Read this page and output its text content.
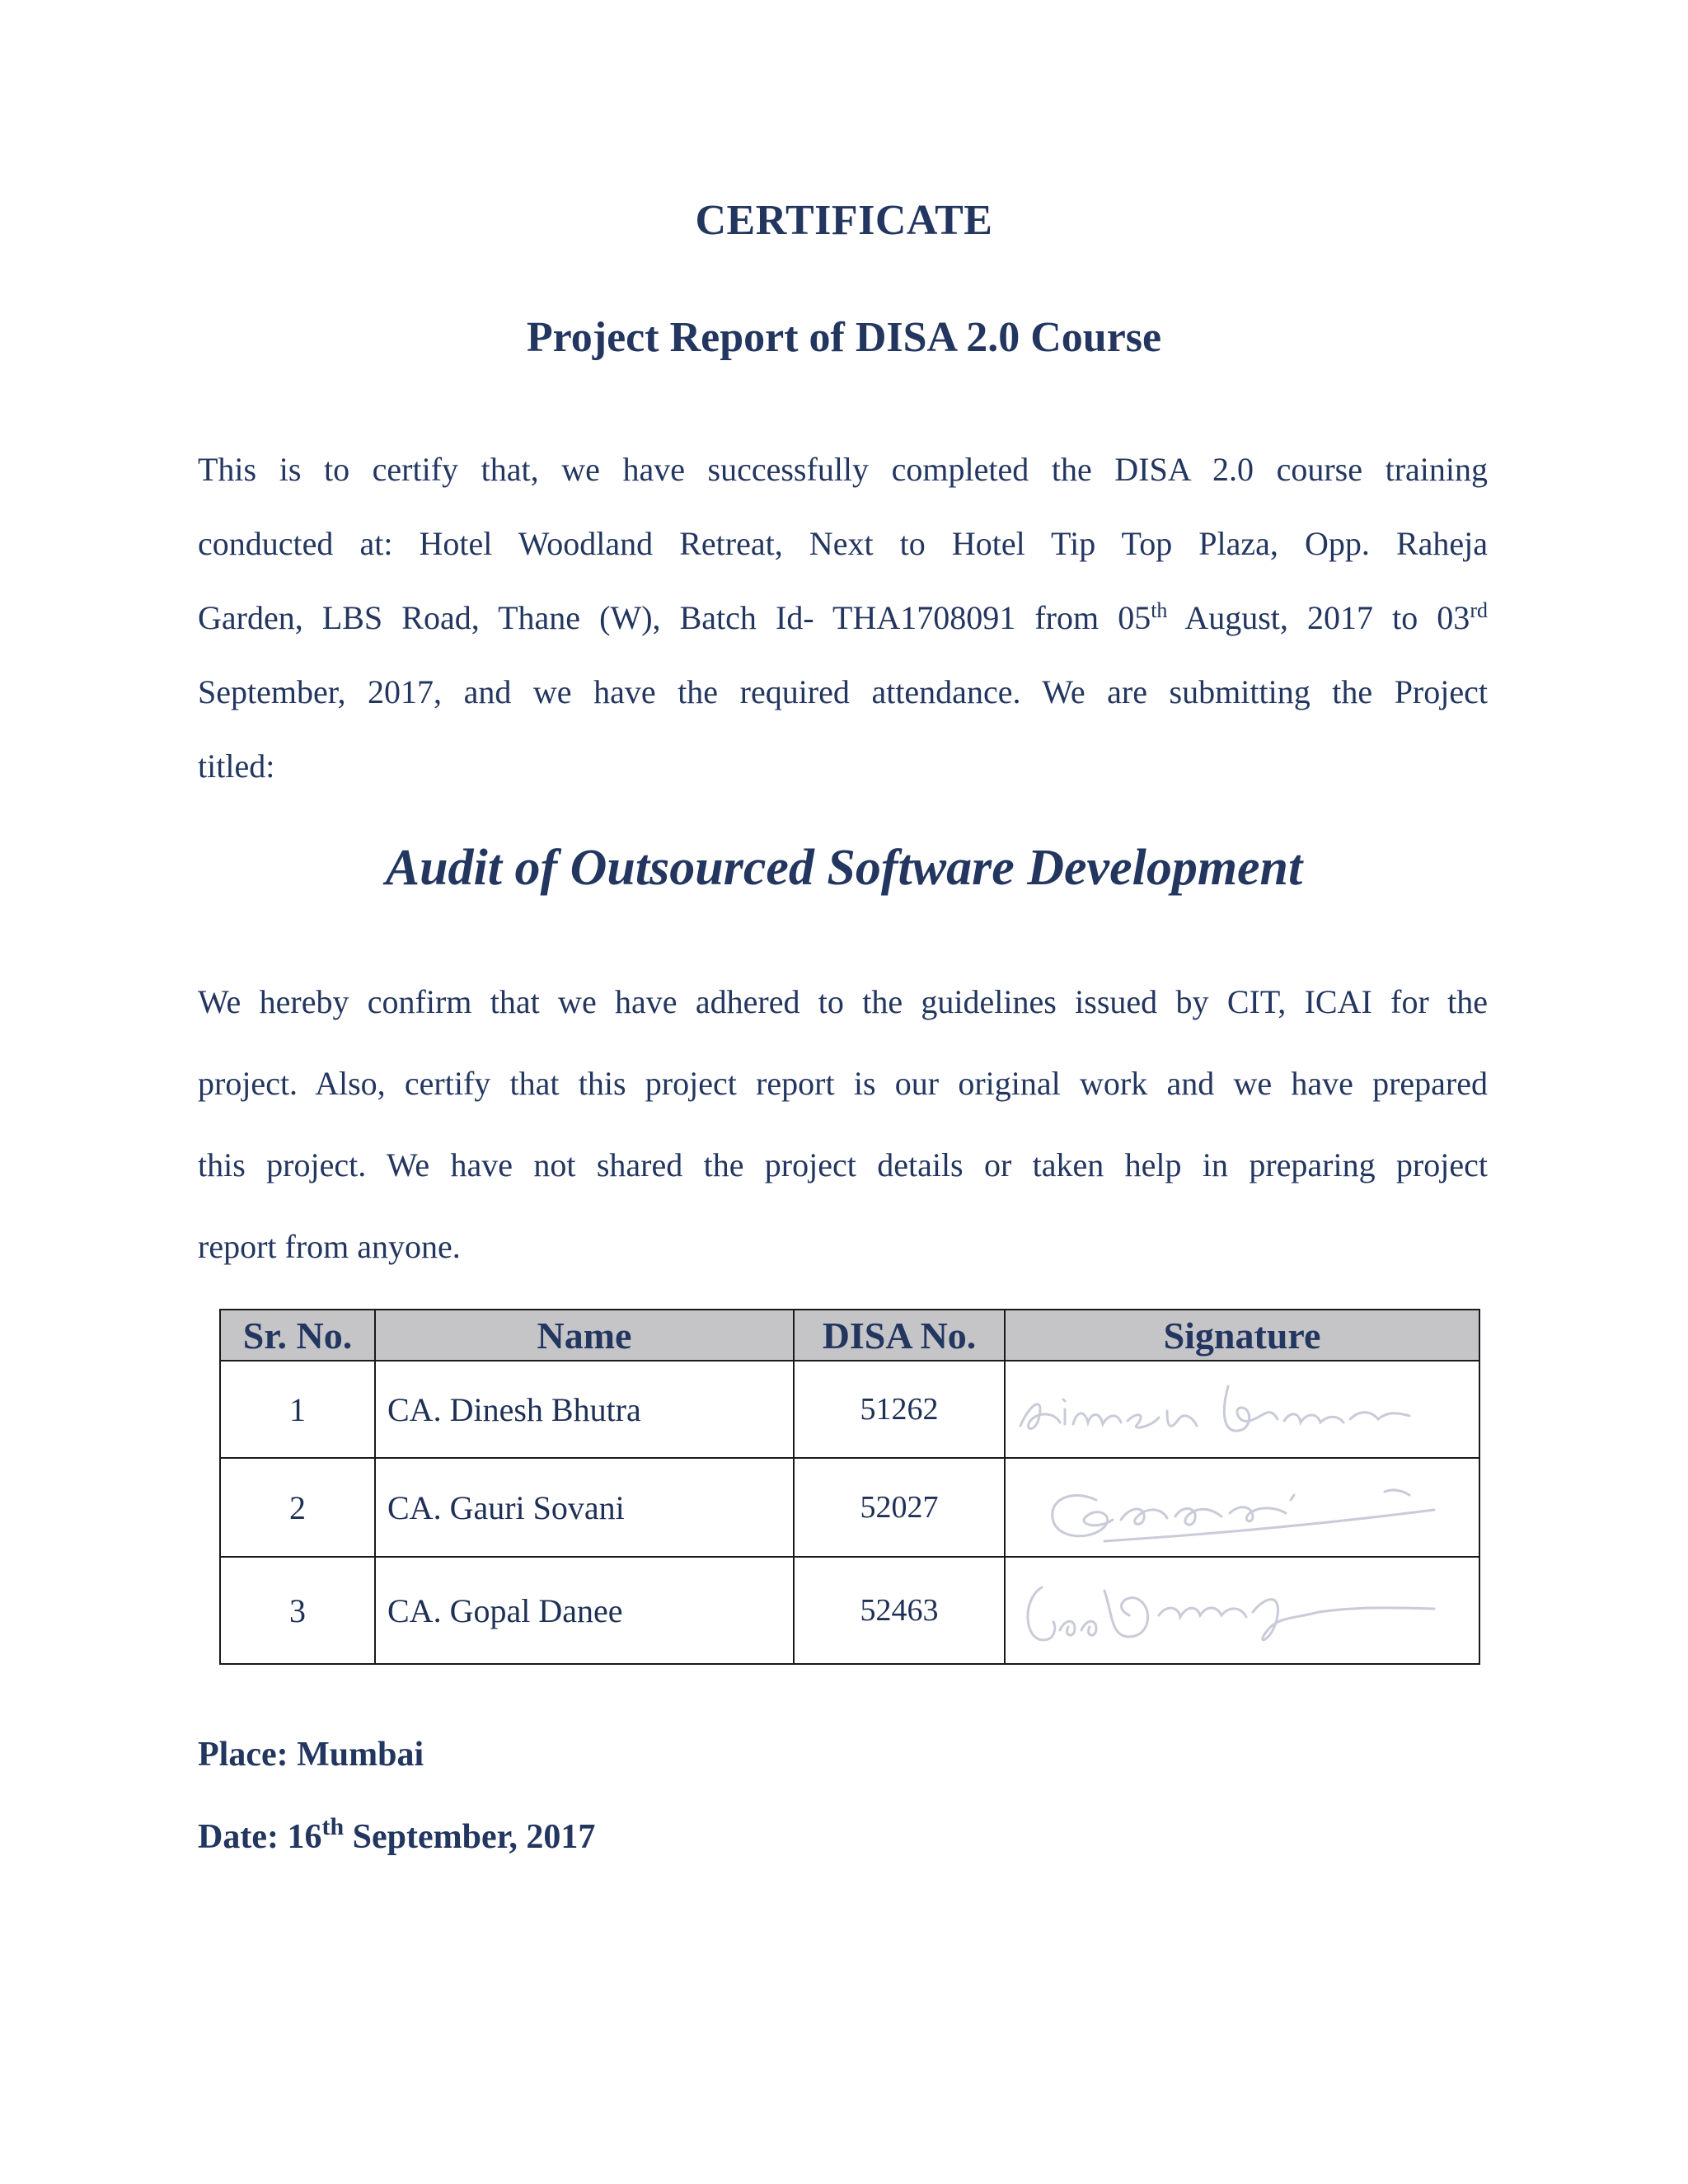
CERTIFICATE
Project Report of DISA 2.0 Course
This is to certify that, we have successfully completed the DISA 2.0 course training
conducted at: Hotel Woodland Retreat, Next to Hotel Tip Top Plaza, Opp. Raheja
Garden, LBS Road, Thane (W), Batch Id- THA1708091 from 05th August, 2017 to 03rd
September, 2017, and we have the required attendance. We are submitting the Project
titled:
Audit of Outsourced Software Development
We hereby confirm that we have adhered to the guidelines issued by CIT, ICAI for the
project. Also, certify that this project report is our original work and we have prepared
this project. We have not shared the project details or taken help in preparing project
report from anyone.
Sr. No.	Name	DISA No.	Signature
1	CA. Dinesh Bhutra	51262	

2	CA. Gauri Sovani	52027	

3	CA. Gopal Danee	52463	
Place: Mumbai
Date: 16th September, 2017
